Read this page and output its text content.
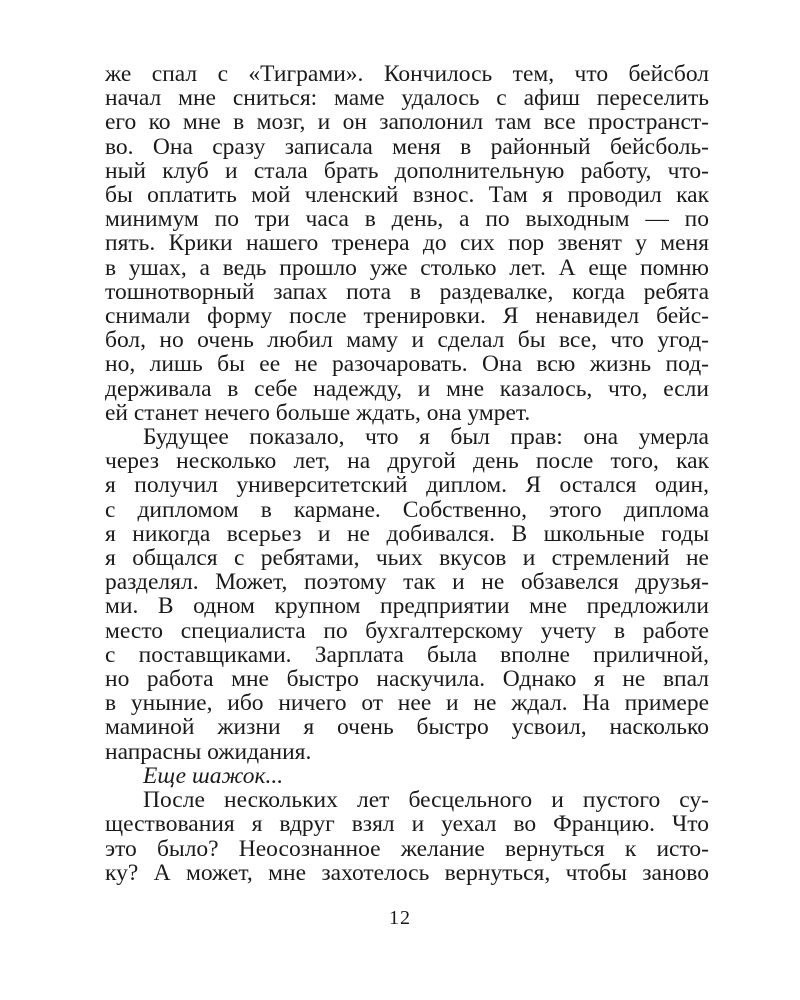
же спал с «Тиграми». Кончилось тем, что бейсбол
начал мне сниться: маме удалось с афиш переселить
его ко мне в мозг, и он заполонил там все пространст-
во. Она сразу записала меня в районный бейсболь-
ный клуб и стала брать дополнительную работу, что-
бы оплатить мой членский взнос. Там я проводил как
минимум по три часа в день, а по выходным — по
пять. Крики нашего тренера до сих пор звенят у меня
в ушах, а ведь прошло уже столько лет. А еще помню
тошнотворный запах пота в раздевалке, когда ребята
снимали форму после тренировки. Я ненавидел бейс-
бол, но очень любил маму и сделал бы все, что угод-
но, лишь бы ее не разочаровать. Она всю жизнь под-
держивала в себе надежду, и мне казалось, что, если
ей станет нечего больше ждать, она умрет.

Будущее показало, что я был прав: она умерла
через несколько лет, на другой день после того, как
я получил университетский диплом. Я остался один,
с дипломом в кармане. Собственно, этого диплома
я никогда всерьез и не добивался. В школьные годы
я общался с ребятами, чьих вкусов и стремлений не
разделял. Может, поэтому так и не обзавелся друзья-
ми. В одном крупном предприятии мне предложили
место специалиста по бухгалтерскому учету в работе
с поставщиками. Зарплата была вполне приличной,
но работа мне быстро наскучила. Однако я не впал
в уныние, ибо ничего от нее и не ждал. На примере
маминой жизни я очень быстро усвоил, насколько
напрасны ожидания.

Еще шажок...

После нескольких лет бесцельного и пустого су-
ществования я вдруг взял и уехал во Францию. Что
это было? Неосознанное желание вернуться к исто-
ку? А может, мне захотелось вернуться, чтобы заново

12
